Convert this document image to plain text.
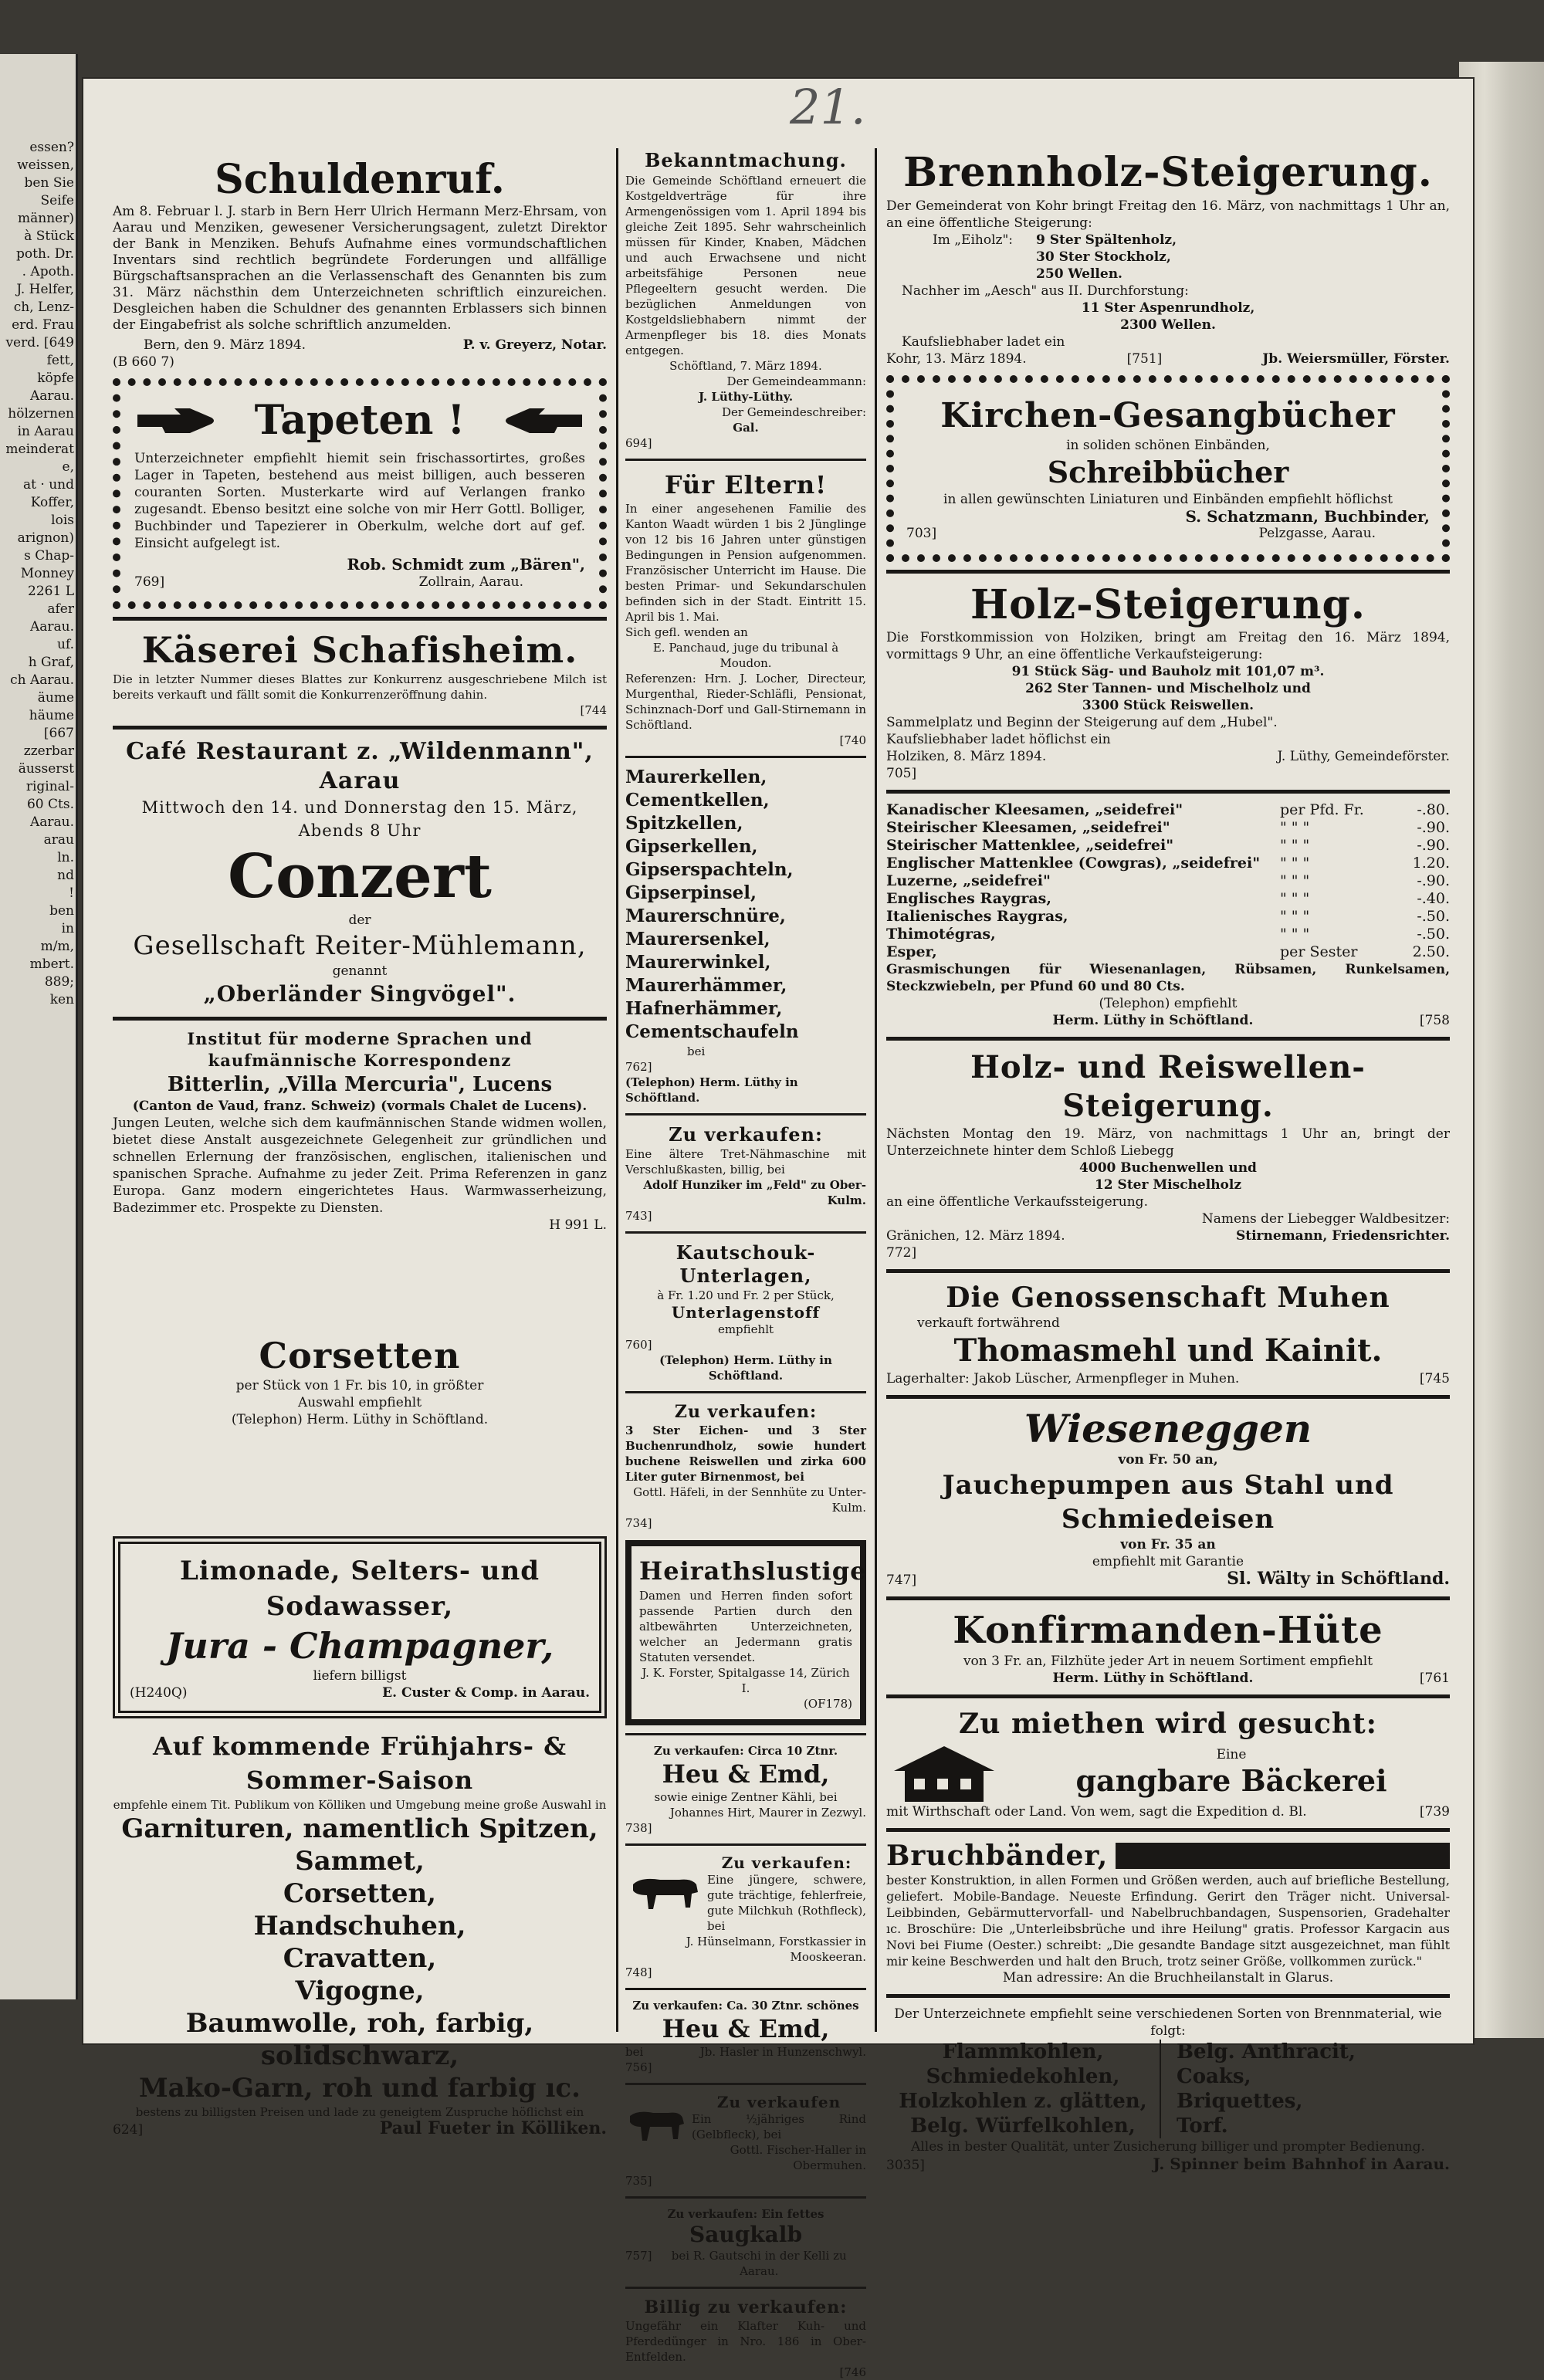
essen?
weissen,
ben Sie
Seife
männer)
à Stück
poth. Dr.
. Apoth.
J. Helfer,
ch, Lenz-
erd. Frau
verd. [649
fett,
köpfe
Aarau.
hölzernen
in Aarau
meinderat
e,
at · und
Koffer,
lois
arignon)
s Chap-
Monney
2261 L
afer
Aarau.
uf.
h Graf,
ch Aarau.
äume
häume
[667
zzerbar
äusserst
riginal-
60 Cts.
Aarau.
arau
ln.
nd
!
ben
in
m/m,
mbert.
889;
ken
21.
Schuldenruf.
Am 8. Februar l. J. starb in Bern Herr Ulrich Hermann Merz-Ehrsam, von Aarau und Menziken, gewesener Versicherungsagent, zuletzt Direktor der Bank in Menziken. Behufs Aufnahme eines vormundschaftlichen Inventars sind rechtlich begründete Forderungen und allfällige Bürgschaftsansprachen an die Verlassenschaft des Genannten bis zum 31. März nächsthin dem Unterzeichneten schriftlich einzureichen. Desgleichen haben die Schuldner des genannten Erblassers sich binnen der Eingabefrist als solche schriftlich anzumelden.
Bern, den 9. März 1894.	P. v. Greyerz, Notar.
(B 660 7)
Tapeten !
Unterzeichneter empfiehlt hiemit sein frischassortirtes, großes Lager in Tapeten, bestehend aus meist billigen, auch besseren couranten Sorten. Musterkarte wird auf Verlangen franko zugesandt. Ebenso besitzt eine solche von mir Herr Gottl. Bolliger, Buchbinder und Tapezierer in Oberkulm, welche dort auf gef. Einsicht aufgelegt ist.
Rob. Schmidt zum „Bären",
769]	Zollrain, Aarau.
Käserei Schafisheim.
Die in letzter Nummer dieses Blattes zur Konkurrenz ausgeschriebene Milch ist bereits verkauft und fällt somit die Konkurrenzeröffnung dahin.
[744
Café Restaurant z. „Wildenmann", Aarau
Mittwoch den 14. und Donnerstag den 15. März, Abends 8 Uhr
Conzert
der
Gesellschaft Reiter-Mühlemann,
genannt
„Oberländer Singvögel".
Institut für moderne Sprachen und kaufmännische Korrespondenz
Bitterlin, „Villa Mercuria", Lucens
(Canton de Vaud, franz. Schweiz) (vormals Chalet de Lucens).
Jungen Leuten, welche sich dem kaufmännischen Stande widmen wollen, bietet diese Anstalt ausgezeichnete Gelegenheit zur gründlichen und schnellen Erlernung der französischen, englischen, italienischen und spanischen Sprache. Aufnahme zu jeder Zeit. Prima Referenzen in ganz Europa. Ganz modern eingerichtetes Haus. Warmwasserheizung, Badezimmer etc. Prospekte zu Diensten.
H 991 L.
Corsetten
per Stück von 1 Fr. bis 10, in größter Auswahl empfiehlt
(Telephon) Herm. Lüthy in Schöftland.
Limonade, Selters- und Sodawasser,
Jura - Champagner,
liefern billigst
(H240Q)	E. Custer & Comp. in Aarau.
Auf kommende Frühjahrs- & Sommer-Saison
empfehle einem Tit. Publikum von Kölliken und Umgebung meine große Auswahl in
Garnituren, namentlich Spitzen,
Sammet,
Corsetten,
Handschuhen,
Cravatten,
Vigogne,
Baumwolle, roh, farbig, solidschwarz,
Mako-Garn, roh und farbig ıc.
bestens zu billigsten Preisen und lade zu geneigtem Zuspruche höflichst ein
624]	Paul Fueter in Kölliken.
Bekanntmachung.
Die Gemeinde Schöftland erneuert die Kostgeldverträge für ihre Armengenössigen vom 1. April 1894 bis gleiche Zeit 1895. Sehr wahrscheinlich müssen für Kinder, Knaben, Mädchen und auch Erwachsene und nicht arbeitsfähige Personen neue Pflegeeltern gesucht werden. Die bezüglichen Anmeldungen von Kostgeldsliebhabern nimmt der Armenpfleger bis 18. dies Monats entgegen.
Schöftland, 7. März 1894.
Der Gemeindeammann:
J. Lüthy-Lüthy.
Der Gemeindeschreiber:
Gal.
694]
Für Eltern!
In einer angesehenen Familie des Kanton Waadt würden 1 bis 2 Jünglinge von 12 bis 16 Jahren unter günstigen Bedingungen in Pension aufgenommen. Französischer Unterricht im Hause. Die besten Primar- und Sekundarschulen befinden sich in der Stadt. Eintritt 15. April bis 1. Mai.
Sich gefl. wenden an
E. Panchaud, juge du tribunal à Moudon.
Referenzen: Hrn. J. Locher, Directeur, Murgenthal, Rieder-Schläfli, Pensionat, Schinznach-Dorf und Gall-Stirnemann in Schöftland.
[740
Maurerkellen,
Cementkellen,
Spitzkellen,
Gipserkellen,
Gipserspachteln,
Gipserpinsel,
Maurerschnüre,
Maurersenkel,
Maurerwinkel,
Maurerhämmer,
Hafnerhämmer,
Cementschaufeln
bei
762]
(Telephon) Herm. Lüthy in Schöftland.
Zu verkaufen:
Eine ältere Tret-Nähmaschine mit Verschlußkasten, billig, bei
Adolf Hunziker im „Feld" zu Ober-Kulm.
743]
Kautschouk-Unterlagen,
à Fr. 1.20 und Fr. 2 per Stück,
Unterlagenstoff
empfiehlt
760]
(Telephon) Herm. Lüthy in Schöftland.
Zu verkaufen:
3 Ster Eichen- und 3 Ster Buchenrundholz, sowie hundert buchene Reiswellen und zirka 600 Liter guter Birnenmost, bei
Gottl. Häfeli, in der Sennhüte zu Unter-Kulm.
734]
Heirathslustige
Damen und Herren finden sofort passende Partien durch den altbewährten Unterzeichneten, welcher an Jedermann gratis Statuten versendet.
J. K. Forster, Spitalgasse 14, Zürich I.
(OF178)
Zu verkaufen: Circa 10 Ztnr.
Heu & Emd,
sowie einige Zentner Kähli, bei
Johannes Hirt, Maurer in Zezwyl.
738]
Zu verkaufen:
Eine jüngere, schwere, gute trächtige, fehlerfreie, gute Milchkuh (Rothfleck), bei
J. Hünselmann, Forstkassier in Mooskeeran.
748]
Zu verkaufen: Ca. 30 Ztnr. schönes
Heu & Emd,
bei	Jb. Hasler in Hunzenschwyl.
756]
Zu verkaufen
Ein ½jähriges Rind (Gelbfleck), bei
Gottl. Fischer-Haller in Obermuhen.
735]
Zu verkaufen: Ein fettes
Saugkalb
757]	bei R. Gautschi in der Kelli zu Aarau.
Billig zu verkaufen:
Ungefähr ein Klafter Kuh- und Pferdedünger in Nro. 186 in Ober-Entfelden.
[746
Brennholz-Steigerung.
Der Gemeinderat von Kohr bringt Freitag den 16. März, von nachmittags 1 Uhr an, an eine öffentliche Steigerung:
Im „Eiholz": 9 Ster Spältenholz,
30 Ster Stockholz,
250 Wellen.
Nachher im „Aesch" aus II. Durchforstung:
11 Ster Aspenrundholz,
2300 Wellen.
Kaufsliebhaber ladet ein
Kohr, 13. März 1894.	[751]	Jb. Weiersmüller, Förster.
Kirchen-Gesangbücher
in soliden schönen Einbänden,
Schreibbücher
in allen gewünschten Liniaturen und Einbänden empfiehlt höflichst
S. Schatzmann, Buchbinder,
703]	Pelzgasse, Aarau.
Holz-Steigerung.
Die Forstkommission von Holziken, bringt am Freitag den 16. März 1894, vormittags 9 Uhr, an eine öffentliche Verkaufsteigerung:
91 Stück Säg- und Bauholz mit 101,07 m³.
262 Ster Tannen- und Mischelholz und
3300 Stück Reiswellen.
Sammelplatz und Beginn der Steigerung auf dem „Hubel".
Kaufsliebhaber ladet höflichst ein
Holziken, 8. März 1894.	J. Lüthy, Gemeindeförster.
705]
Kanadischer Kleesamen, „seidefrei"	per Pfd. Fr.	-.80.
Steirischer Kleesamen, „seidefrei"	" " "	-.90.
Steirischer Mattenklee, „seidefrei"	" " "	-.90.
Englischer Mattenklee (Cowgras), „seidefrei"	" " "	1.20.
Luzerne, „seidefrei"	" " "	-.90.
Englisches Raygras,	" " "	-.40.
Italienisches Raygras,	" " "	-.50.
Thimotégras,	" " "	-.50.
Esper,	per Sester	2.50.
Grasmischungen für Wiesenanlagen, Rübsamen, Runkelsamen, Steckzwiebeln, per Pfund 60 und 80 Cts.
(Telephon) empfiehlt
Herm. Lüthy in Schöftland.	[758
Holz- und Reiswellen-Steigerung.
Nächsten Montag den 19. März, von nachmittags 1 Uhr an, bringt der Unterzeichnete hinter dem Schloß Liebegg
4000 Buchenwellen und
12 Ster Mischelholz
an eine öffentliche Verkaufssteigerung.
Namens der Liebegger Waldbesitzer:
Gränichen, 12. März 1894.	Stirnemann, Friedensrichter.
772]
Die Genossenschaft Muhen
verkauft fortwährend
Thomasmehl und Kainit.
Lagerhalter: Jakob Lüscher, Armenpfleger in Muhen.	[745
Wieseneggen
von Fr. 50 an,
Jauchepumpen aus Stahl und Schmiedeisen
von Fr. 35 an
empfiehlt mit Garantie
747]	Sl. Wälty in Schöftland.
Konfirmanden-Hüte
von 3 Fr. an, Filzhüte jeder Art in neuem Sortiment empfiehlt
Herm. Lüthy in Schöftland.	[761
Zu miethen wird gesucht:
Eine
gangbare Bäckerei
mit Wirthschaft oder Land. Von wem, sagt die Expedition d. Bl.	[739
Bruchbänder,
bester Konstruktion, in allen Formen und Größen werden, auch auf briefliche Bestellung, geliefert. Mobile-Bandage. Neueste Erfindung. Gerirt den Träger nicht. Universal-Leibbinden, Gebärmuttervorfall- und Nabelbruchbandagen, Suspensorien, Gradehalter ıc. Broschüre: Die „Unterleibsbrüche und ihre Heilung" gratis. Professor Kargacin aus Novi bei Fiume (Oester.) schreibt: „Die gesandte Bandage sitzt ausgezeichnet, man fühlt mir keine Beschwerden und halt den Bruch, trotz seiner Größe, vollkommen zurück."
Man adressire: An die Bruchheilanstalt in Glarus.
Der Unterzeichnete empfiehlt seine verschiedenen Sorten von Brennmaterial, wie folgt:
Flammkohlen,
Schmiedekohlen,
Holzkohlen z. glätten,
Belg. Würfelkohlen,
Belg. Anthracit,
Coaks,
Briquettes,
Torf.
Alles in bester Qualität, unter Zusicherung billiger und prompter Bedienung.
3035]	J. Spinner beim Bahnhof in Aarau.
